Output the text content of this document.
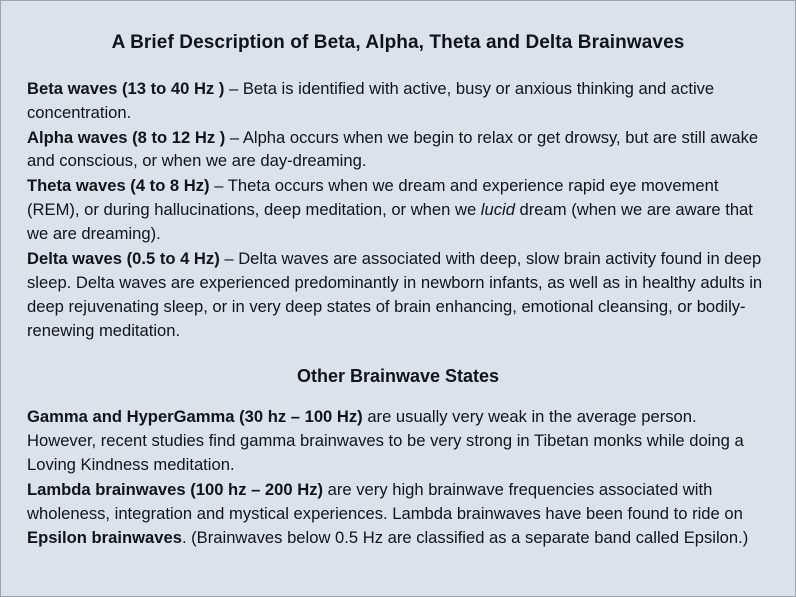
A Brief Description of Beta, Alpha, Theta and Delta Brainwaves

Beta waves (13 to 40 Hz ) – Beta is identified with active, busy or anxious thinking and active concentration.

Alpha waves (8 to 12 Hz ) – Alpha occurs when we begin to relax or get drowsy, but are still awake and conscious, or when we are day-dreaming.

Theta waves (4 to 8 Hz) – Theta occurs when we dream and experience rapid eye movement (REM), or during hallucinations, deep meditation, or when we lucid dream (when we are aware that we are dreaming).

Delta waves (0.5 to 4 Hz) – Delta waves are associated with deep, slow brain activity found in deep sleep. Delta waves are experienced predominantly in newborn infants, as well as in healthy adults in deep rejuvenating sleep, or in very deep states of brain enhancing, emotional cleansing, or bodily-renewing meditation.

Other Brainwave States

Gamma and HyperGamma (30 hz – 100 Hz) are usually very weak in the average person. However, recent studies find gamma brainwaves to be very strong in Tibetan monks while doing a Loving Kindness meditation.

Lambda brainwaves (100 hz – 200 Hz) are very high brainwave frequencies associated with wholeness, integration and mystical experiences. Lambda brainwaves have been found to ride on Epsilon brainwaves. (Brainwaves below 0.5 Hz are classified as a separate band called Epsilon.)
